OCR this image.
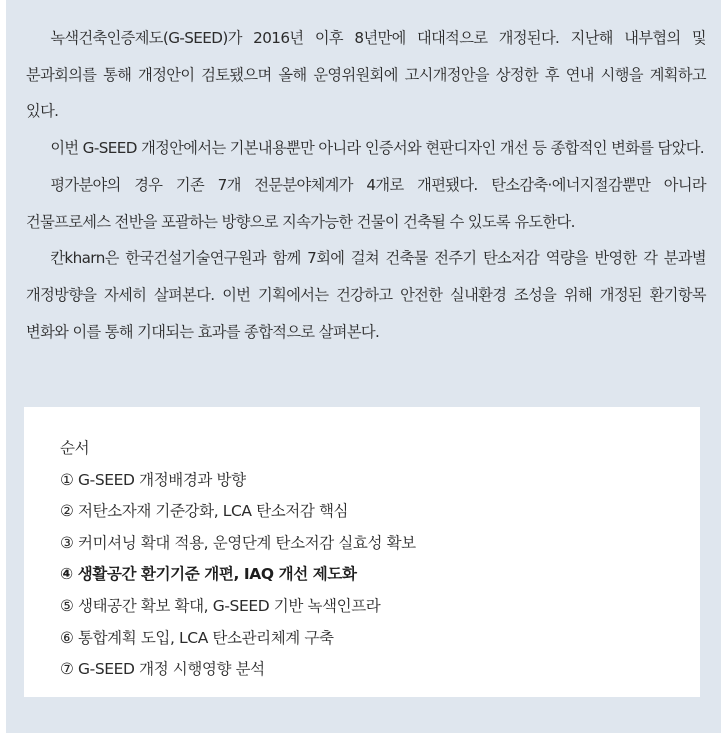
녹색건축인증제도(G-SEED)가 2016년 이후 8년만에 대대적으로 개정된다. 지난해 내부협의 및 분과회의를 통해 개정안이 검토됐으며 올해 운영위원회에 고시개정안을 상정한 후 연내 시행을 계획하고 있다.

이번 G-SEED 개정안에서는 기본내용뿐만 아니라 인증서와 현판디자인 개선 등 종합적인 변화를 담았다.

평가분야의 경우 기존 7개 전문분야체계가 4개로 개편됐다. 탄소감축·에너지절감뿐만 아니라 건물프로세스 전반을 포괄하는 방향으로 지속가능한 건물이 건축될 수 있도록 유도한다.

칸kharn은 한국건설기술연구원과 함께 7회에 걸쳐 건축물 전주기 탄소저감 역량을 반영한 각 분과별 개정방향을 자세히 살펴본다. 이번 기획에서는 건강하고 안전한 실내환경 조성을 위해 개정된 환기항목 변화와 이를 통해 기대되는 효과를 종합적으로 살펴본다.

순서

① G-SEED 개정배경과 방향
② 저탄소자재 기준강화, LCA 탄소저감 핵심
③ 커미셔닝 확대 적용, 운영단계 탄소저감 실효성 확보
④ 생활공간 환기기준 개편, IAQ 개선 제도화
⑤ 생태공간 확보 확대, G-SEED 기반 녹색인프라
⑥ 통합계획 도입, LCA 탄소관리체계 구축
⑦ G-SEED 개정 시행영향 분석
